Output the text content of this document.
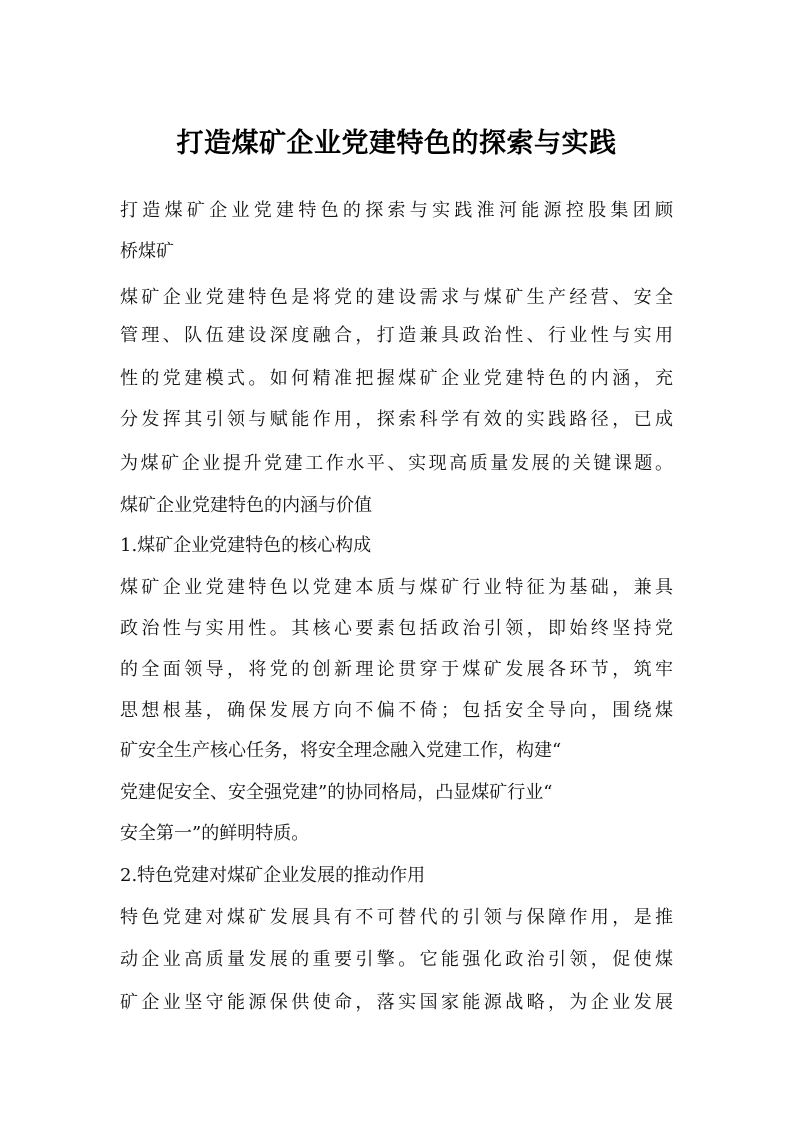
打造煤矿企业党建特色的探索与实践
打造煤矿企业党建特色的探索与实践淮河能源控股集团顾
桥煤矿
煤矿企业党建特色是将党的建设需求与煤矿生产经营、安全
管理、队伍建设深度融合，打造兼具政治性、行业性与实用
性的党建模式。如何精准把握煤矿企业党建特色的内涵，充
分发挥其引领与赋能作用，探索科学有效的实践路径，已成
为煤矿企业提升党建工作水平、实现高质量发展的关键课题。
煤矿企业党建特色的内涵与价值
1.煤矿企业党建特色的核心构成
煤矿企业党建特色以党建本质与煤矿行业特征为基础，兼具
政治性与实用性。其核心要素包括政治引领，即始终坚持党
的全面领导，将党的创新理论贯穿于煤矿发展各环节，筑牢
思想根基，确保发展方向不偏不倚；包括安全导向，围绕煤
矿安全生产核心任务，将安全理念融入党建工作，构建“
党建促安全、安全强党建”的协同格局，凸显煤矿行业“
安全第一”的鲜明特质。
2.特色党建对煤矿企业发展的推动作用
特色党建对煤矿发展具有不可替代的引领与保障作用，是推
动企业高质量发展的重要引擎。它能强化政治引领，促使煤
矿企业坚守能源保供使命，落实国家能源战略，为企业发展
